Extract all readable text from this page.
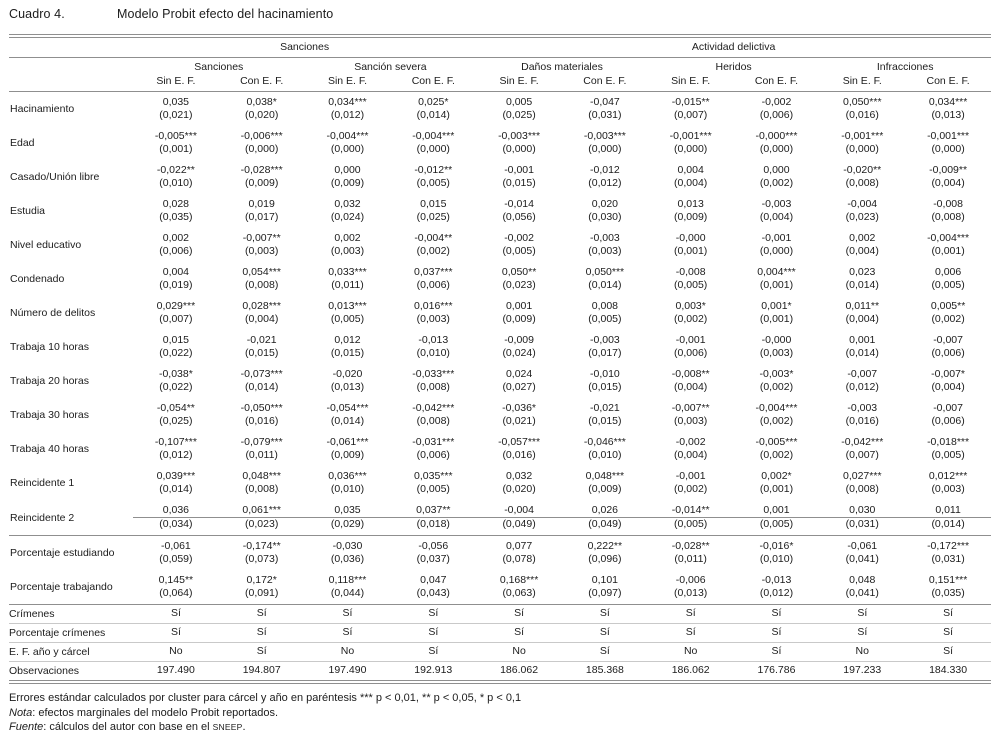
Cuadro 4.	Modelo Probit efecto del hacinamiento
	Sanciones				Actividad delictiva					
	Sanciones		Sanción severa		Daños materiales		Heridos		Infracciones	
	Sin E. F.	Con E. F.	Sin E. F.	Con E. F.	Sin E. F.	Con E. F.	Sin E. F.	Con E. F.	Sin E. F.	Con E. F.
Hacinamiento	0,035	0,038*	0,034***	0,025*	0,005	-0,047	-0,015**	-0,002	0,050***	0,034***
	(0,021)	(0,020)	(0,012)	(0,014)	(0,025)	(0,031)	(0,007)	(0,006)	(0,016)	(0,013)
Edad	-0,005***	-0,006***	-0,004***	-0,004***	-0,003***	-0,003***	-0,001***	-0,000***	-0,001***	-0,001***
	(0,001)	(0,000)	(0,000)	(0,000)	(0,000)	(0,000)	(0,000)	(0,000)	(0,000)	(0,000)
Casado/Unión libre	-0,022**	-0,028***	0,000	-0,012**	-0,001	-0,012	0,004	0,000	-0,020**	-0,009**
	(0,010)	(0,009)	(0,009)	(0,005)	(0,015)	(0,012)	(0,004)	(0,002)	(0,008)	(0,004)
Estudia	0,028	0,019	0,032	0,015	-0,014	0,020	0,013	-0,003	-0,004	-0,008
	(0,035)	(0,017)	(0,024)	(0,025)	(0,056)	(0,030)	(0,009)	(0,004)	(0,023)	(0,008)
Nivel educativo	0,002	-0,007**	0,002	-0,004**	-0,002	-0,003	-0,000	-0,001	0,002	-0,004***
	(0,006)	(0,003)	(0,003)	(0,002)	(0,005)	(0,003)	(0,001)	(0,000)	(0,004)	(0,001)
Condenado	0,004	0,054***	0,033***	0,037***	0,050**	0,050***	-0,008	0,004***	0,023	0,006
	(0,019)	(0,008)	(0,011)	(0,006)	(0,023)	(0,014)	(0,005)	(0,001)	(0,014)	(0,005)
Número de delitos	0,029***	0,028***	0,013***	0,016***	0,001	0,008	0,003*	0,001*	0,011**	0,005**
	(0,007)	(0,004)	(0,005)	(0,003)	(0,009)	(0,005)	(0,002)	(0,001)	(0,004)	(0,002)
Trabaja 10 horas	0,015	-0,021	0,012	-0,013	-0,009	-0,003	-0,001	-0,000	0,001	-0,007
	(0,022)	(0,015)	(0,015)	(0,010)	(0,024)	(0,017)	(0,006)	(0,003)	(0,014)	(0,006)
Trabaja 20 horas	-0,038*	-0,073***	-0,020	-0,033***	0,024	-0,010	-0,008**	-0,003*	-0,007	-0,007*
	(0,022)	(0,014)	(0,013)	(0,008)	(0,027)	(0,015)	(0,004)	(0,002)	(0,012)	(0,004)
Trabaja 30 horas	-0,054**	-0,050***	-0,054***	-0,042***	-0,036*	-0,021	-0,007**	-0,004***	-0,003	-0,007
	(0,025)	(0,016)	(0,014)	(0,008)	(0,021)	(0,015)	(0,003)	(0,002)	(0,016)	(0,006)
Trabaja 40 horas	-0,107***	-0,079***	-0,061***	-0,031***	-0,057***	-0,046***	-0,002	-0,005***	-0,042***	-0,018***
	(0,012)	(0,011)	(0,009)	(0,006)	(0,016)	(0,010)	(0,004)	(0,002)	(0,007)	(0,005)
Reincidente 1	0,039***	0,048***	0,036***	0,035***	0,032	0,048***	-0,001	0,002*	0,027***	0,012***
	(0,014)	(0,008)	(0,010)	(0,005)	(0,020)	(0,009)	(0,002)	(0,001)	(0,008)	(0,003)
Reincidente 2	0,036	0,061***	0,035	0,037**	-0,004	0,026	-0,014**	0,001	0,030	0,011
	(0,034)	(0,023)	(0,029)	(0,018)	(0,049)	(0,049)	(0,005)	(0,005)	(0,031)	(0,014)
Porcentaje estudiando	-0,061	-0,174**	-0,030	-0,056	0,077	0,222**	-0,028**	-0,016*	-0,061	-0,172***
	(0,059)	(0,073)	(0,036)	(0,037)	(0,078)	(0,096)	(0,011)	(0,010)	(0,041)	(0,031)
Porcentaje trabajando	0,145**	0,172*	0,118***	0,047	0,168***	0,101	-0,006	-0,013	0,048	0,151***
	(0,064)	(0,091)	(0,044)	(0,043)	(0,063)	(0,097)	(0,013)	(0,012)	(0,041)	(0,035)
Crímenes	Sí	Sí	Sí	Sí	Sí	Sí	Sí	Sí	Sí	Sí
Porcentaje crímenes	Sí	Sí	Sí	Sí	Sí	Sí	Sí	Sí	Sí	Sí
E. F. año y cárcel	No	Sí	No	Sí	No	Sí	No	Sí	No	Sí
Observaciones	197.490	194.807	197.490	192.913	186.062	185.368	186.062	176.786	197.233	184.330
Errores estándar calculados por cluster para cárcel y año en paréntesis *** p < 0,01, ** p < 0,05, * p < 0,1
Nota: efectos marginales del modelo Probit reportados.
Fuente: cálculos del autor con base en el SNEEP.
